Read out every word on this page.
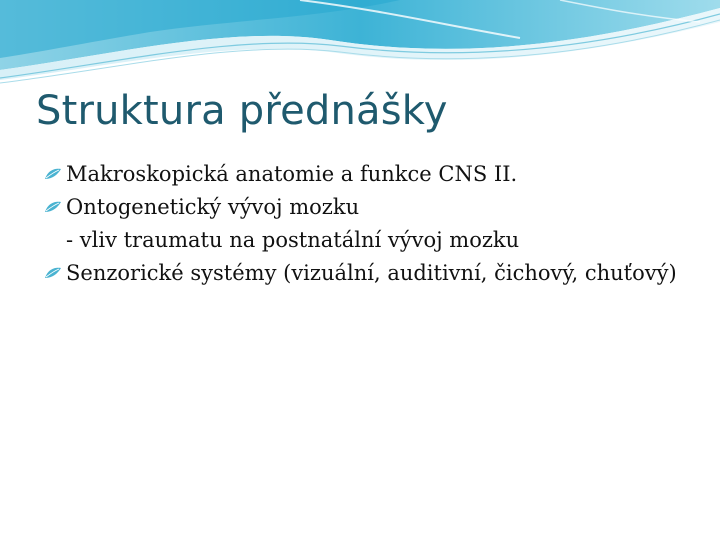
Struktura přednášky
Makroskopická anatomie a funkce CNS II.
Ontogenetický vývoj mozku
- vliv traumatu na postnatální vývoj mozku
Senzorické systémy (vizuální, auditivní, čichový, chuťový)
